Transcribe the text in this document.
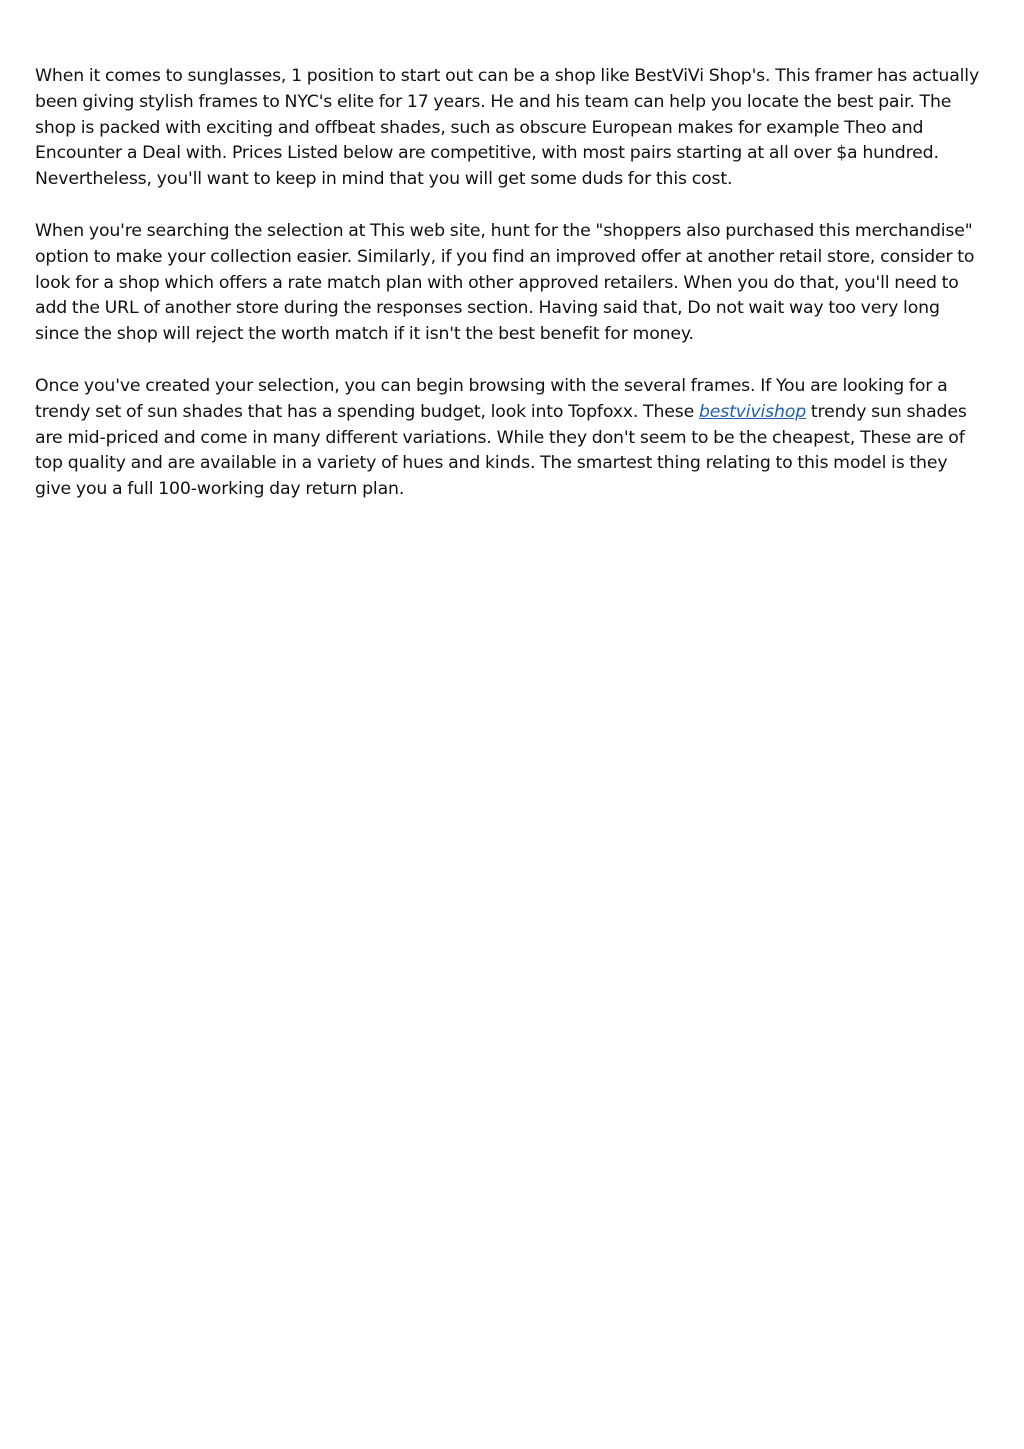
When it comes to sunglasses, 1 position to start out can be a shop like BestViVi Shop's. This framer has actually been giving stylish frames to NYC's elite for 17 years. He and his team can help you locate the best pair. The shop is packed with exciting and offbeat shades, such as obscure European makes for example Theo and Encounter a Deal with. Prices Listed below are competitive, with most pairs starting at all over $a hundred. Nevertheless, you'll want to keep in mind that you will get some duds for this cost.

When you're searching the selection at This web site, hunt for the "shoppers also purchased this merchandise" option to make your collection easier. Similarly, if you find an improved offer at another retail store, consider to look for a shop which offers a rate match plan with other approved retailers. When you do that, you'll need to add the URL of another store during the responses section. Having said that, Do not wait way too very long since the shop will reject the worth match if it isn't the best benefit for money.

Once you've created your selection, you can begin browsing with the several frames. If You are looking for a trendy set of sun shades that has a spending budget, look into Topfoxx. These bestvivishop trendy sun shades are mid-priced and come in many different variations. While they don't seem to be the cheapest, These are of top quality and are available in a variety of hues and kinds. The smartest thing relating to this model is they give you a full 100-working day return plan.
